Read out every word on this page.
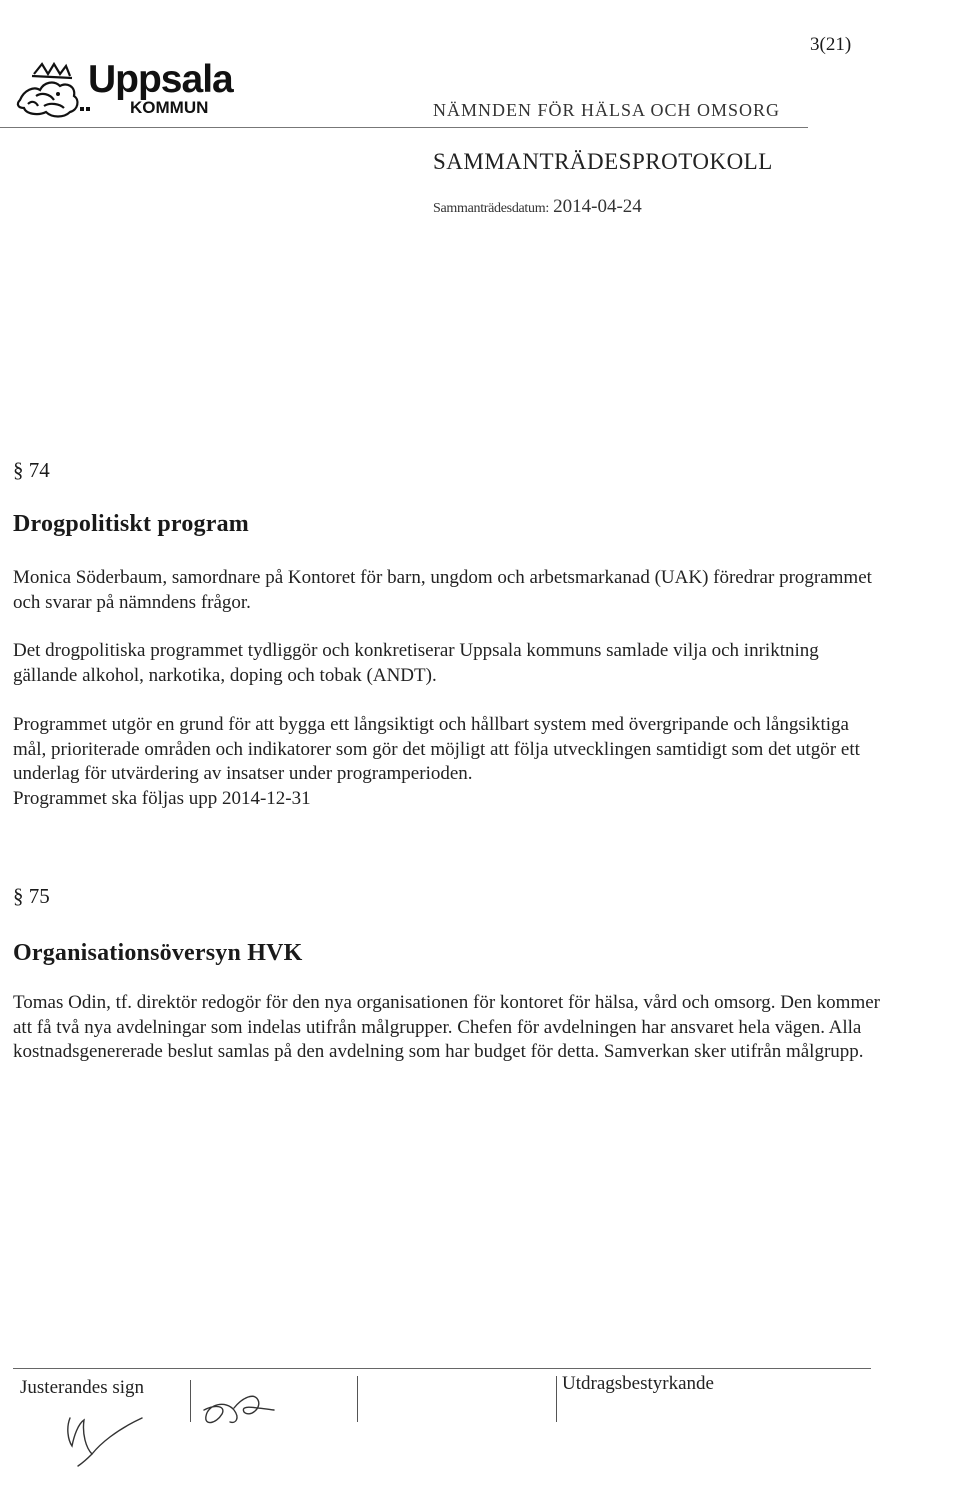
3(21)
Uppsala
KOMMUN	NÄMNDEN FÖR HÄLSA OCH OMSORG
SAMMANTRÄDESPROTOKOLL
Sammanträdesdatum: 2014-04-24
§ 74
Drogpolitiskt program
Monica Söderbaum, samordnare på Kontoret för barn, ungdom och arbetsmarkanad (UAK) föredrar programmet och svarar på nämndens frågor.
Det drogpolitiska programmet tydliggör och konkretiserar Uppsala kommuns samlade vilja och inriktning gällande alkohol, narkotika, doping och tobak (ANDT).
Programmet utgör en grund för att bygga ett långsiktigt och hållbart system med övergripande och långsiktiga mål, prioriterade områden och indikatorer som gör det möjligt att följa utvecklingen samtidigt som det utgör ett underlag för utvärdering av insatser under programperioden.
Programmet ska följas upp 2014-12-31
§ 75
Organisationsöversyn HVK
Tomas Odin, tf. direktör redogör för den nya organisationen för kontoret för hälsa, vård och omsorg. Den kommer att få två nya avdelningar som indelas utifrån målgrupper. Chefen för avdelningen har ansvaret hela vägen. Alla kostnadsgenererade beslut samlas på den avdelning som har budget för detta. Samverkan sker utifrån målgrupp.
Justerandes sign	Utdragsbestyrkande
